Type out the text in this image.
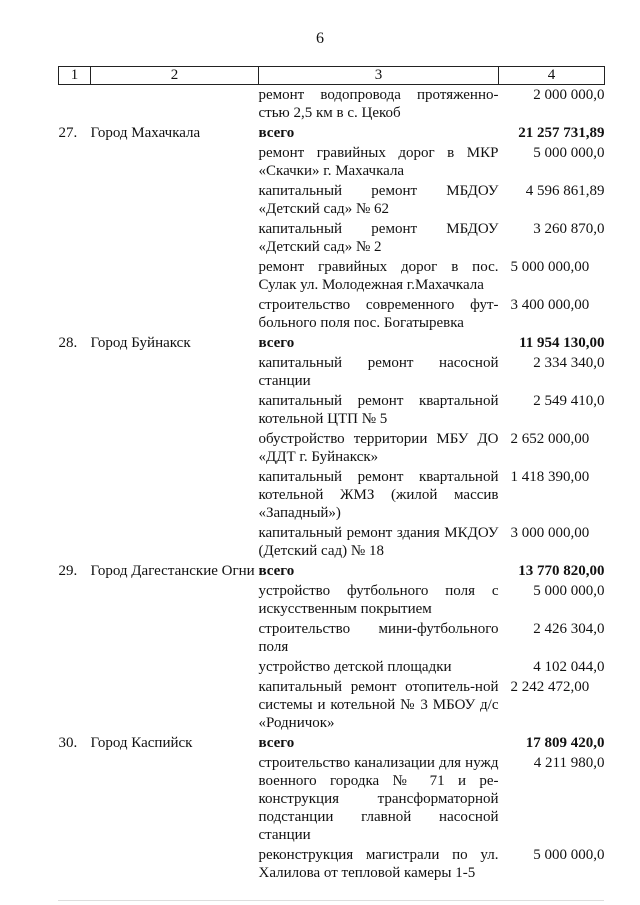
6
1	2	3	4
		ремонт водопровода протяженно-стью 2,5 км в с. Цекоб	2 000 000,0
27.	Город Махачкала	всего	21 257 731,89
		ремонт гравийных дорог в МКР «Скачки» г. Махачкала	5 000 000,0
		капитальный ремонт МБДОУ «Детский сад» № 62	4 596 861,89
		капитальный ремонт МБДОУ «Детский сад» № 2	3 260 870,0
		ремонт гравийных дорог в пос. Сулак ул. Молодежная г.Махачкала	5 000 000,00
		строительство современного фут-больного поля пос. Богатыревка	3 400 000,00
28.	Город Буйнакск	всего	11 954 130,00
		капитальный ремонт насосной станции	2 334 340,0
		капитальный ремонт квартальной котельной ЦТП № 5	2 549 410,0
		обустройство территории МБУ ДО «ДДТ г. Буйнакск»	2 652 000,00
		капитальный ремонт квартальной котельной ЖМЗ (жилой массив «Западный»)	1 418 390,00
		капитальный ремонт здания МКДОУ (Детский сад) № 18	3 000 000,00
29.	Город Дагестанские Огни	всего	13 770 820,00
		устройство футбольного поля с искусственным покрытием	5 000 000,0
		строительство мини-футбольного поля	2 426 304,0
		устройство детской площадки	4 102 044,0
		капитальный ремонт отопитель-ной системы и котельной № 3 МБОУ д/с «Родничок»	2 242 472,00
30.	Город Каспийск	всего	17 809 420,0
		строительство канализации для нужд военного городка № 71 и ре-конструкция трансформаторной подстанции главной насосной станции	4 211 980,0
		реконструкция магистрали по ул. Халилова от тепловой камеры 1-5	5 000 000,0
